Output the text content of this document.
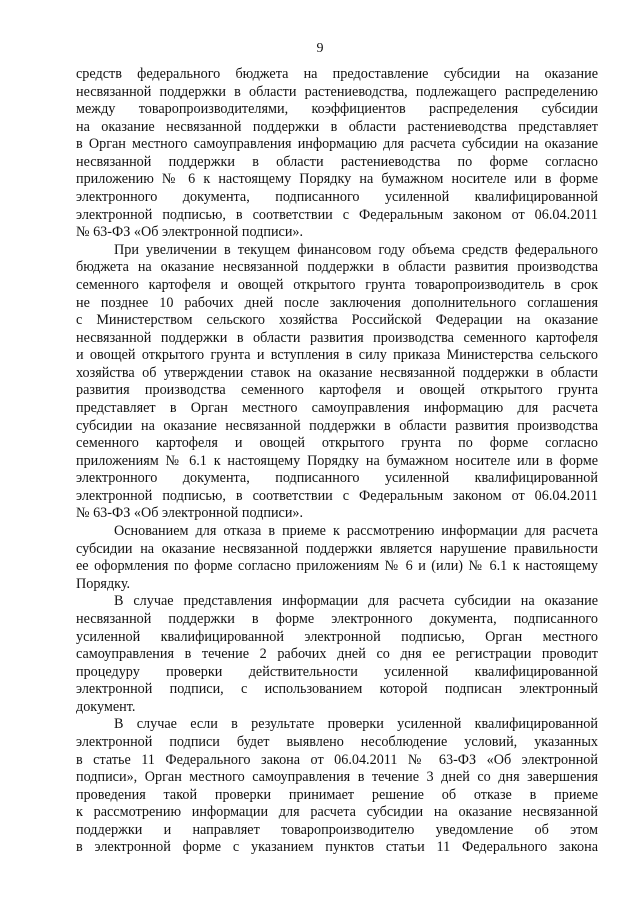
9
средств федерального бюджета на предоставление субсидии на оказание
несвязанной поддержки в области растениеводства, подлежащего распределению
между товаропроизводителями, коэффициентов распределения субсидии
на оказание несвязанной поддержки в области растениеводства представляет
в Орган местного самоуправления информацию для расчета субсидии на оказание
несвязанной поддержки в области растениеводства по форме согласно
приложению № 6 к настоящему Порядку на бумажном носителе или в форме
электронного документа, подписанного усиленной квалифицированной
электронной подписью, в соответствии с Федеральным законом от 06.04.2011
№ 63-ФЗ «Об электронной подписи».
При увеличении в текущем финансовом году объема средств федерального
бюджета на оказание несвязанной поддержки в области развития производства
семенного картофеля и овощей открытого грунта товаропроизводитель в срок
не позднее 10 рабочих дней после заключения дополнительного соглашения
с Министерством сельского хозяйства Российской Федерации на оказание
несвязанной поддержки в области развития производства семенного картофеля
и овощей открытого грунта и вступления в силу приказа Министерства сельского
хозяйства об утверждении ставок на оказание несвязанной поддержки в области
развития производства семенного картофеля и овощей открытого грунта
представляет в Орган местного самоуправления информацию для расчета
субсидии на оказание несвязанной поддержки в области развития производства
семенного картофеля и овощей открытого грунта по форме согласно
приложениям № 6.1 к настоящему Порядку на бумажном носителе или в форме
электронного документа, подписанного усиленной квалифицированной
электронной подписью, в соответствии с Федеральным законом от 06.04.2011
№ 63-ФЗ «Об электронной подписи».
Основанием для отказа в приеме к рассмотрению информации для расчета
субсидии на оказание несвязанной поддержки является нарушение правильности
ее оформления по форме согласно приложениям № 6 и (или) № 6.1 к настоящему
Порядку.
В случае представления информации для расчета субсидии на оказание
несвязанной поддержки в форме электронного документа, подписанного
усиленной квалифицированной электронной подписью, Орган местного
самоуправления в течение 2 рабочих дней со дня ее регистрации проводит
процедуру проверки действительности усиленной квалифицированной
электронной подписи, с использованием которой подписан электронный
документ.
В случае если в результате проверки усиленной квалифицированной
электронной подписи будет выявлено несоблюдение условий, указанных
в статье 11 Федерального закона от 06.04.2011 № 63-ФЗ «Об электронной
подписи», Орган местного самоуправления в течение 3 дней со дня завершения
проведения такой проверки принимает решение об отказе в приеме
к рассмотрению информации для расчета субсидии на оказание несвязанной
поддержки и направляет товаропроизводителю уведомление об этом
в электронной форме с указанием пунктов статьи 11 Федерального закона
